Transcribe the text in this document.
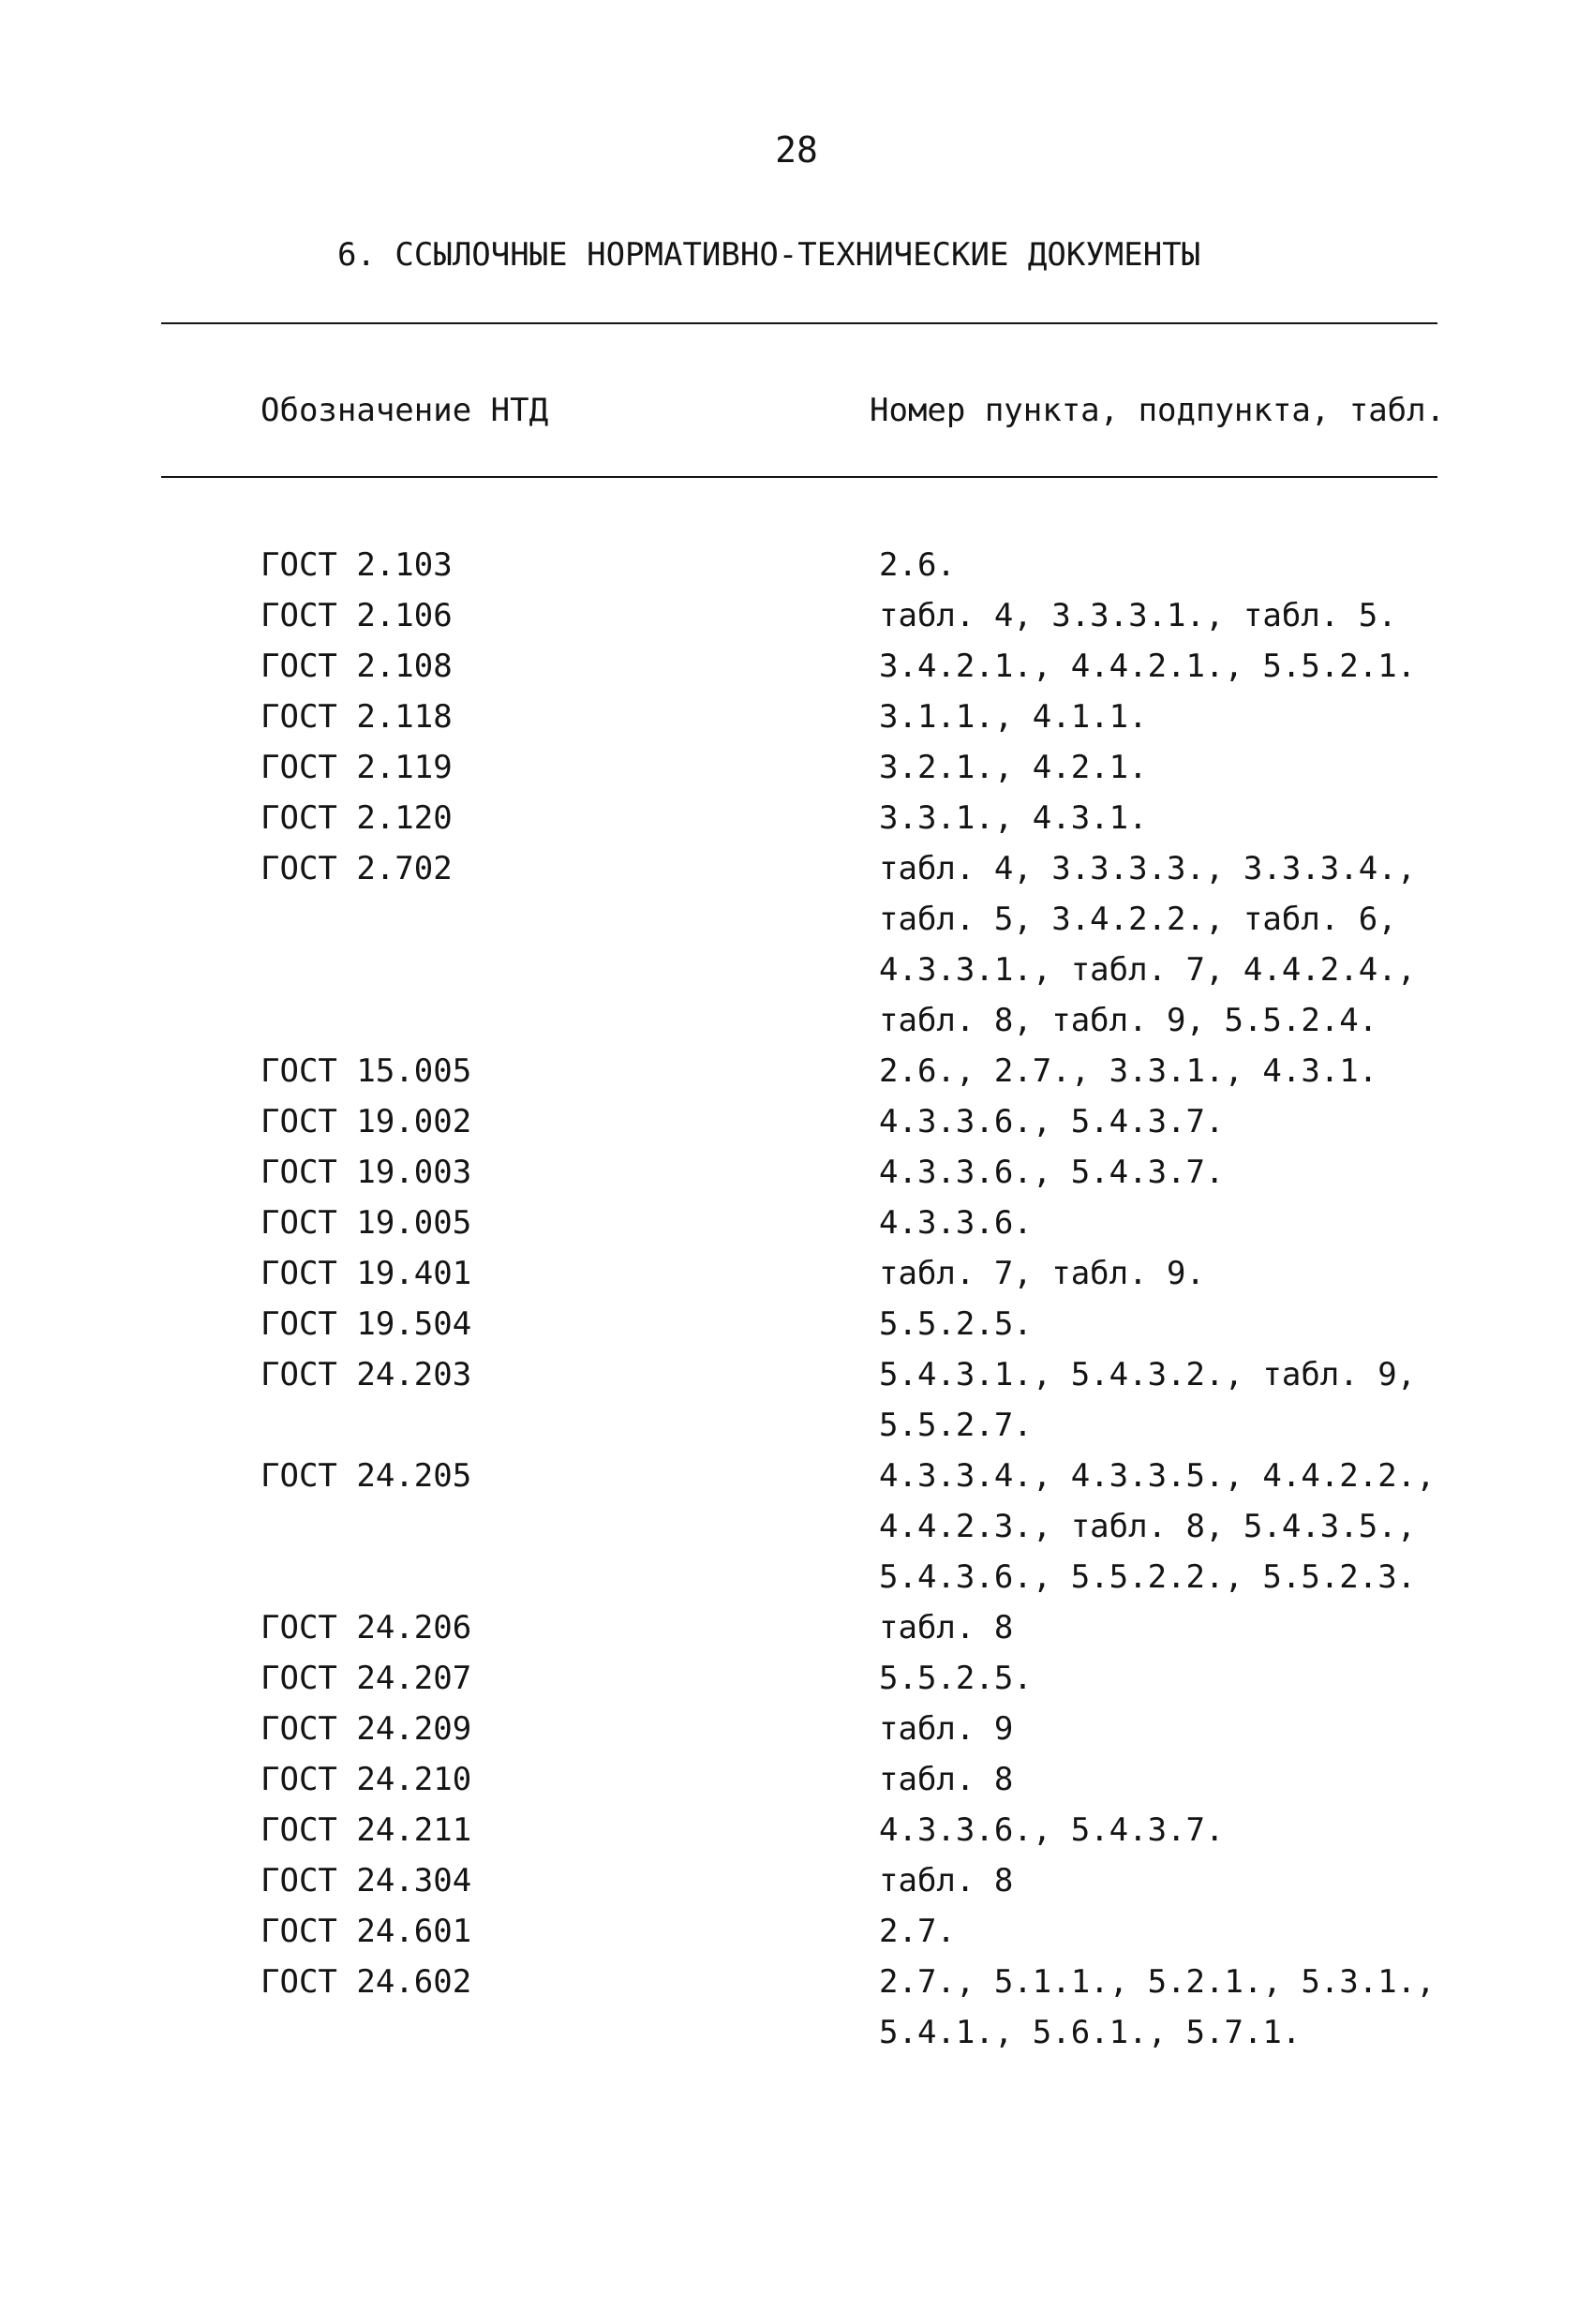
28
6. ССЫЛОЧНЫЕ НОРМАТИВНО-ТЕХНИЧЕСКИЕ ДОКУМЕНТЫ
Обозначение НТД	Номер пункта, подпункта, табл.
ГОСТ 2.103	2.6.
ГОСТ 2.106	табл. 4, 3.3.3.1., табл. 5.
ГОСТ 2.108	3.4.2.1., 4.4.2.1., 5.5.2.1.
ГОСТ 2.118	3.1.1., 4.1.1.
ГОСТ 2.119	3.2.1., 4.2.1.
ГОСТ 2.120	3.3.1., 4.3.1.
ГОСТ 2.702	табл. 4, 3.3.3.3., 3.3.3.4.,
табл. 5, 3.4.2.2., табл. 6,
4.3.3.1., табл. 7, 4.4.2.4.,
табл. 8, табл. 9, 5.5.2.4.
ГОСТ 15.005	2.6., 2.7., 3.3.1., 4.3.1.
ГОСТ 19.002	4.3.3.6., 5.4.3.7.
ГОСТ 19.003	4.3.3.6., 5.4.3.7.
ГОСТ 19.005	4.3.3.6.
ГОСТ 19.401	табл. 7, табл. 9.
ГОСТ 19.504	5.5.2.5.
ГОСТ 24.203	5.4.3.1., 5.4.3.2., табл. 9,
5.5.2.7.
ГОСТ 24.205	4.3.3.4., 4.3.3.5., 4.4.2.2.,
4.4.2.3., табл. 8, 5.4.3.5.,
5.4.3.6., 5.5.2.2., 5.5.2.3.
ГОСТ 24.206	табл. 8
ГОСТ 24.207	5.5.2.5.
ГОСТ 24.209	табл. 9
ГОСТ 24.210	табл. 8
ГОСТ 24.211	4.3.3.6., 5.4.3.7.
ГОСТ 24.304	табл. 8
ГОСТ 24.601	2.7.
ГОСТ 24.602	2.7., 5.1.1., 5.2.1., 5.3.1.,
5.4.1., 5.6.1., 5.7.1.
